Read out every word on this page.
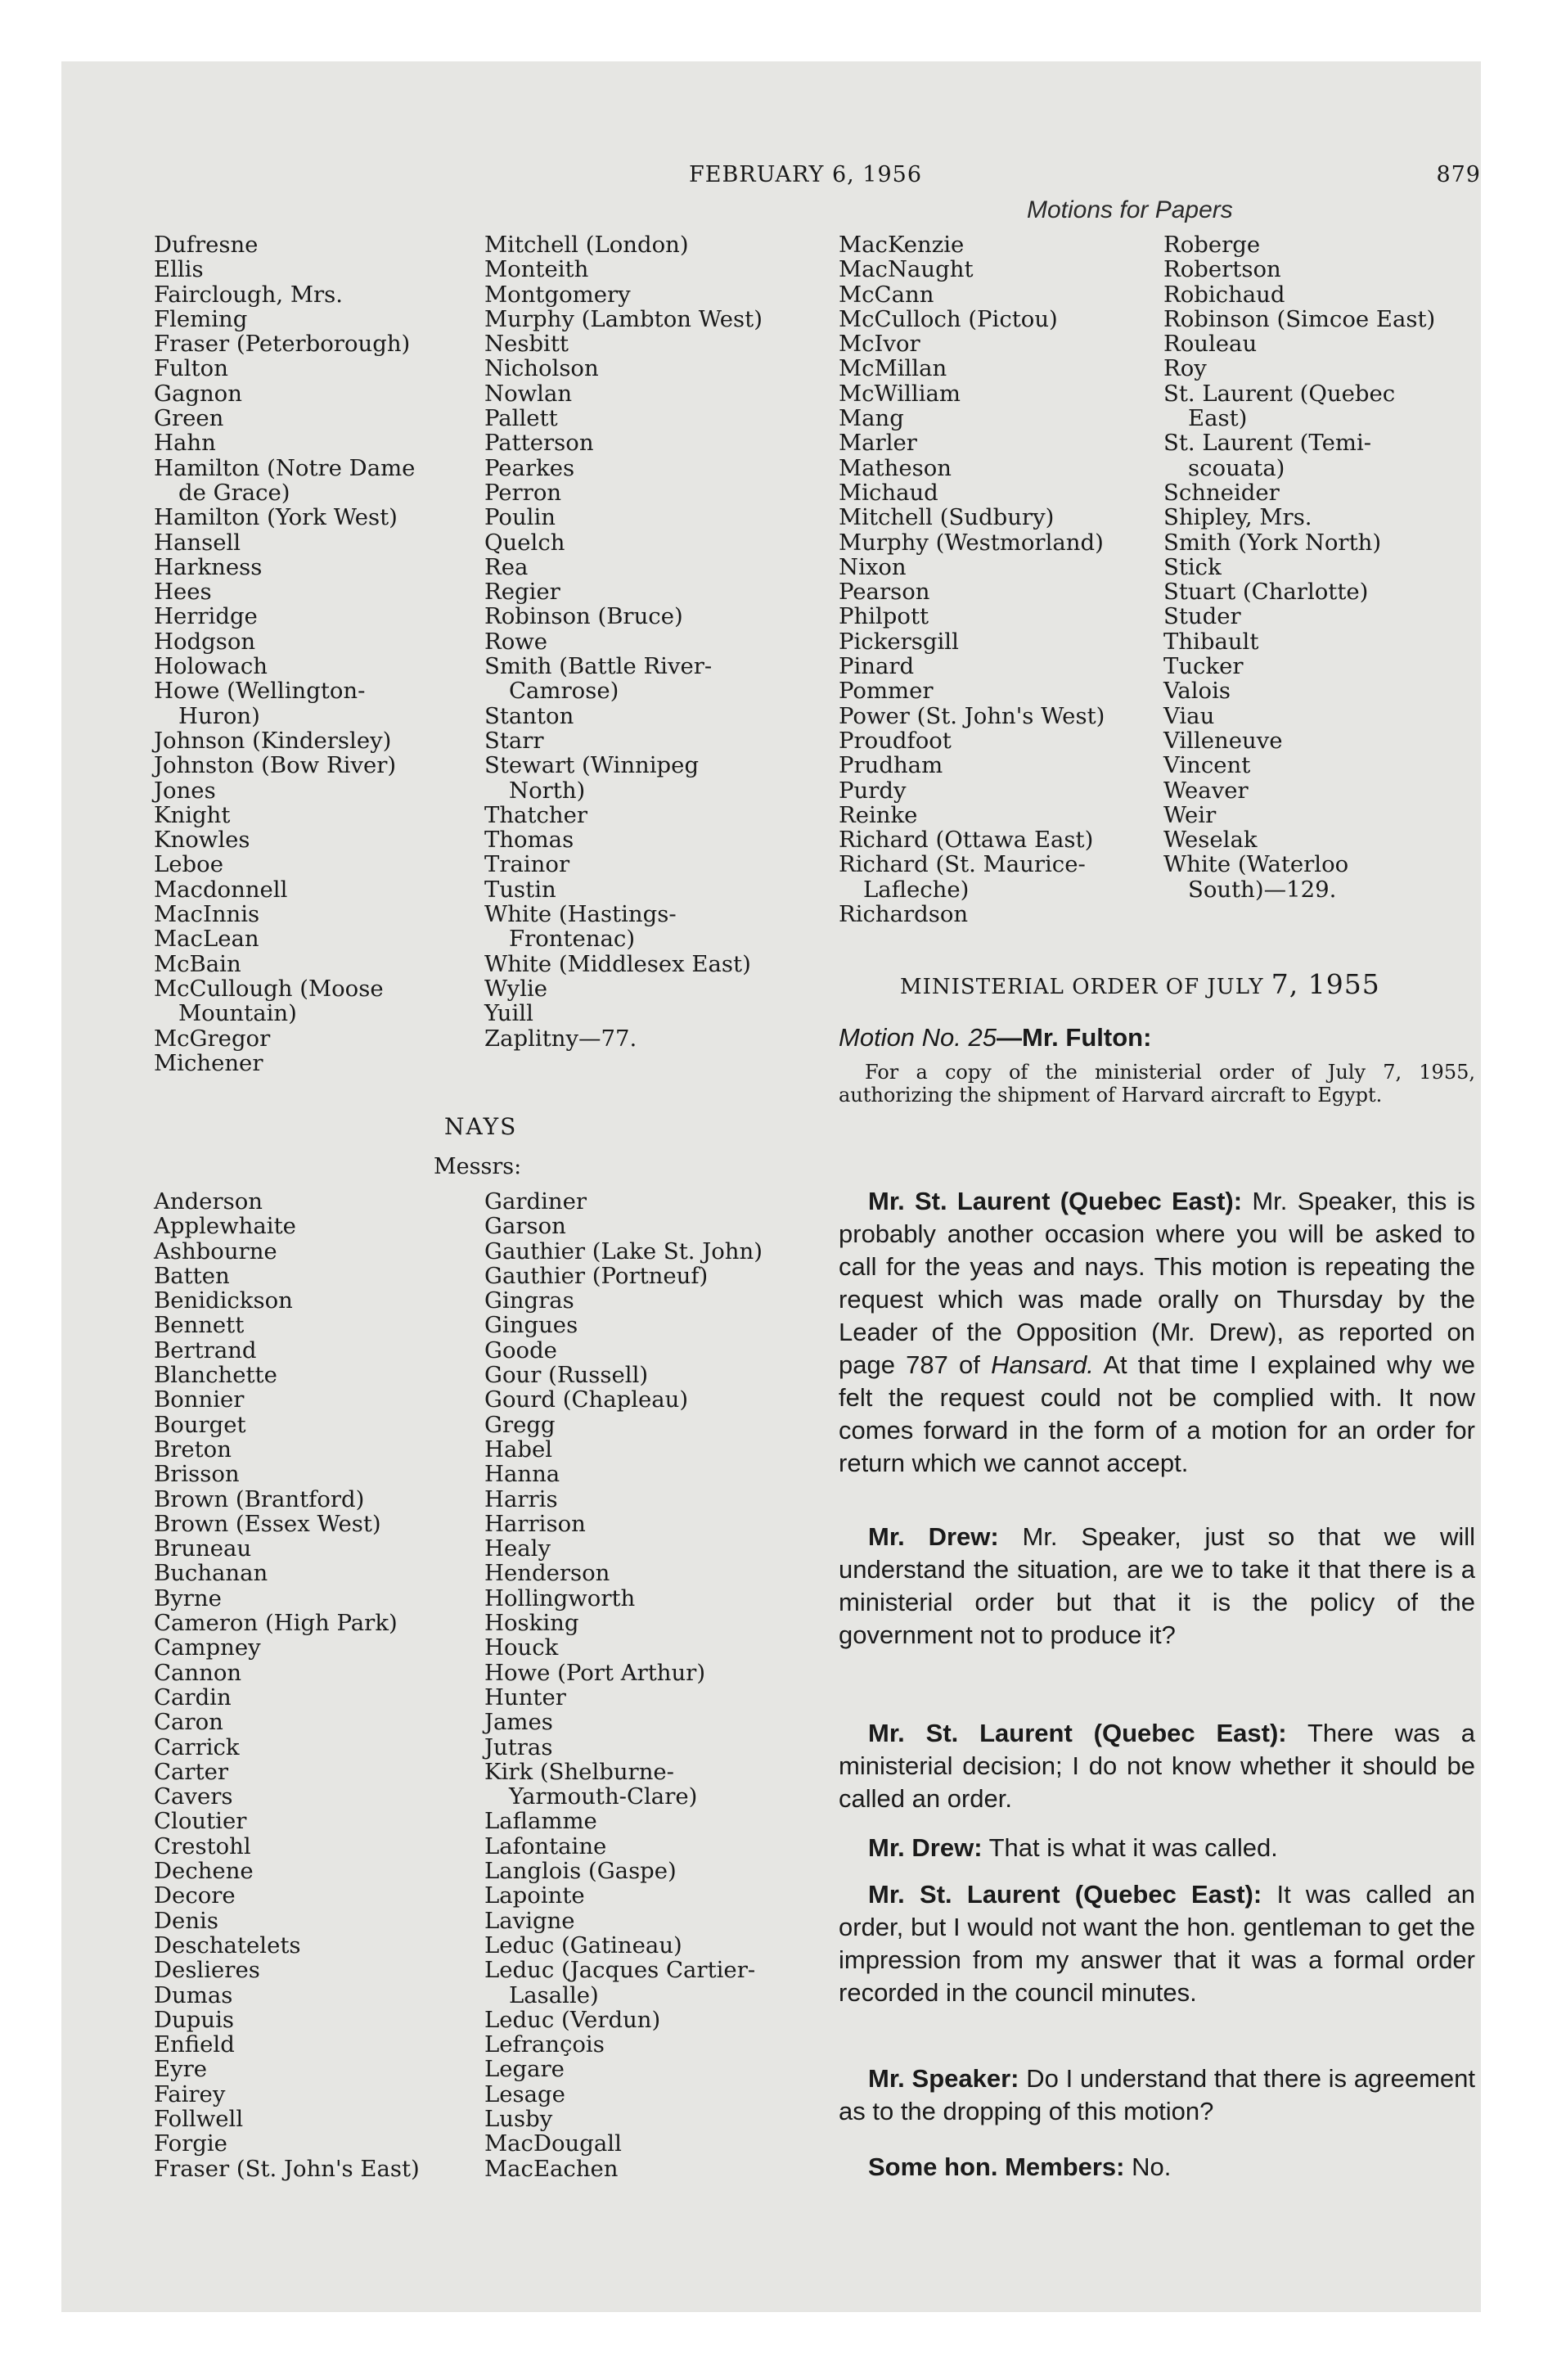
FEBRUARY 6, 1956	879
Motions for Papers
Dufresne
Ellis
Fairclough, Mrs.
Fleming
Fraser (Peterborough)
Fulton
Gagnon
Green
Hahn
Hamilton (Notre Dame
de Grace)
Hamilton (York West)
Hansell
Harkness
Hees
Herridge
Hodgson
Holowach
Howe (Wellington-
Huron)
Johnson (Kindersley)
Johnston (Bow River)
Jones
Knight
Knowles
Leboe
Macdonnell
MacInnis
MacLean
McBain
McCullough (Moose
Mountain)
McGregor
Michener
Mitchell (London)
Monteith
Montgomery
Murphy (Lambton West)
Nesbitt
Nicholson
Nowlan
Pallett
Patterson
Pearkes
Perron
Poulin
Quelch
Rea
Regier
Robinson (Bruce)
Rowe
Smith (Battle River-
Camrose)
Stanton
Starr
Stewart (Winnipeg
North)
Thatcher
Thomas
Trainor
Tustin
White (Hastings-
Frontenac)
White (Middlesex East)
Wylie
Yuill
Zaplitny—77.
MacKenzie
MacNaught
McCann
McCulloch (Pictou)
McIvor
McMillan
McWilliam
Mang
Marler
Matheson
Michaud
Mitchell (Sudbury)
Murphy (Westmorland)
Nixon
Pearson
Philpott
Pickersgill
Pinard
Pommer
Power (St. John's West)
Proudfoot
Prudham
Purdy
Reinke
Richard (Ottawa East)
Richard (St. Maurice-
Lafleche)
Richardson
Roberge
Robertson
Robichaud
Robinson (Simcoe East)
Rouleau
Roy
St. Laurent (Quebec
East)
St. Laurent (Temi-
scouata)
Schneider
Shipley, Mrs.
Smith (York North)
Stick
Stuart (Charlotte)
Studer
Thibault
Tucker
Valois
Viau
Villeneuve
Vincent
Weaver
Weir
Weselak
White (Waterloo
South)—129.
NAYS
Messrs:
Anderson
Applewhaite
Ashbourne
Batten
Benidickson
Bennett
Bertrand
Blanchette
Bonnier
Bourget
Breton
Brisson
Brown (Brantford)
Brown (Essex West)
Bruneau
Buchanan
Byrne
Cameron (High Park)
Campney
Cannon
Cardin
Caron
Carrick
Carter
Cavers
Cloutier
Crestohl
Dechene
Decore
Denis
Deschatelets
Deslieres
Dumas
Dupuis
Enfield
Eyre
Fairey
Follwell
Forgie
Fraser (St. John's East)
Gardiner
Garson
Gauthier (Lake St. John)
Gauthier (Portneuf)
Gingras
Gingues
Goode
Gour (Russell)
Gourd (Chapleau)
Gregg
Habel
Hanna
Harris
Harrison
Healy
Henderson
Hollingworth
Hosking
Houck
Howe (Port Arthur)
Hunter
James
Jutras
Kirk (Shelburne-
Yarmouth-Clare)
Laflamme
Lafontaine
Langlois (Gaspe)
Lapointe
Lavigne
Leduc (Gatineau)
Leduc (Jacques Cartier-
Lasalle)
Leduc (Verdun)
Lefrançois
Legare
Lesage
Lusby
MacDougall
MacEachen
MINISTERIAL ORDER OF JULY 7, 1955
Motion No. 25—Mr. Fulton:
For a copy of the ministerial order of July 7, 1955, authorizing the shipment of Harvard aircraft to Egypt.

Mr. St. Laurent (Quebec East): Mr. Speaker, this is probably another occasion where you will be asked to call for the yeas and nays. This motion is repeating the request which was made orally on Thursday by the Leader of the Opposition (Mr. Drew), as reported on page 787 of Hansard. At that time I explained why we felt the request could not be complied with. It now comes forward in the form of a motion for an order for return which we cannot accept.

Mr. Drew: Mr. Speaker, just so that we will understand the situation, are we to take it that there is a ministerial order but that it is the policy of the government not to produce it?

Mr. St. Laurent (Quebec East): There was a ministerial decision; I do not know whether it should be called an order.

Mr. Drew: That is what it was called.

Mr. St. Laurent (Quebec East): It was called an order, but I would not want the hon. gentleman to get the impression from my answer that it was a formal order recorded in the council minutes.

Mr. Speaker: Do I understand that there is agreement as to the dropping of this motion?

Some hon. Members: No.
